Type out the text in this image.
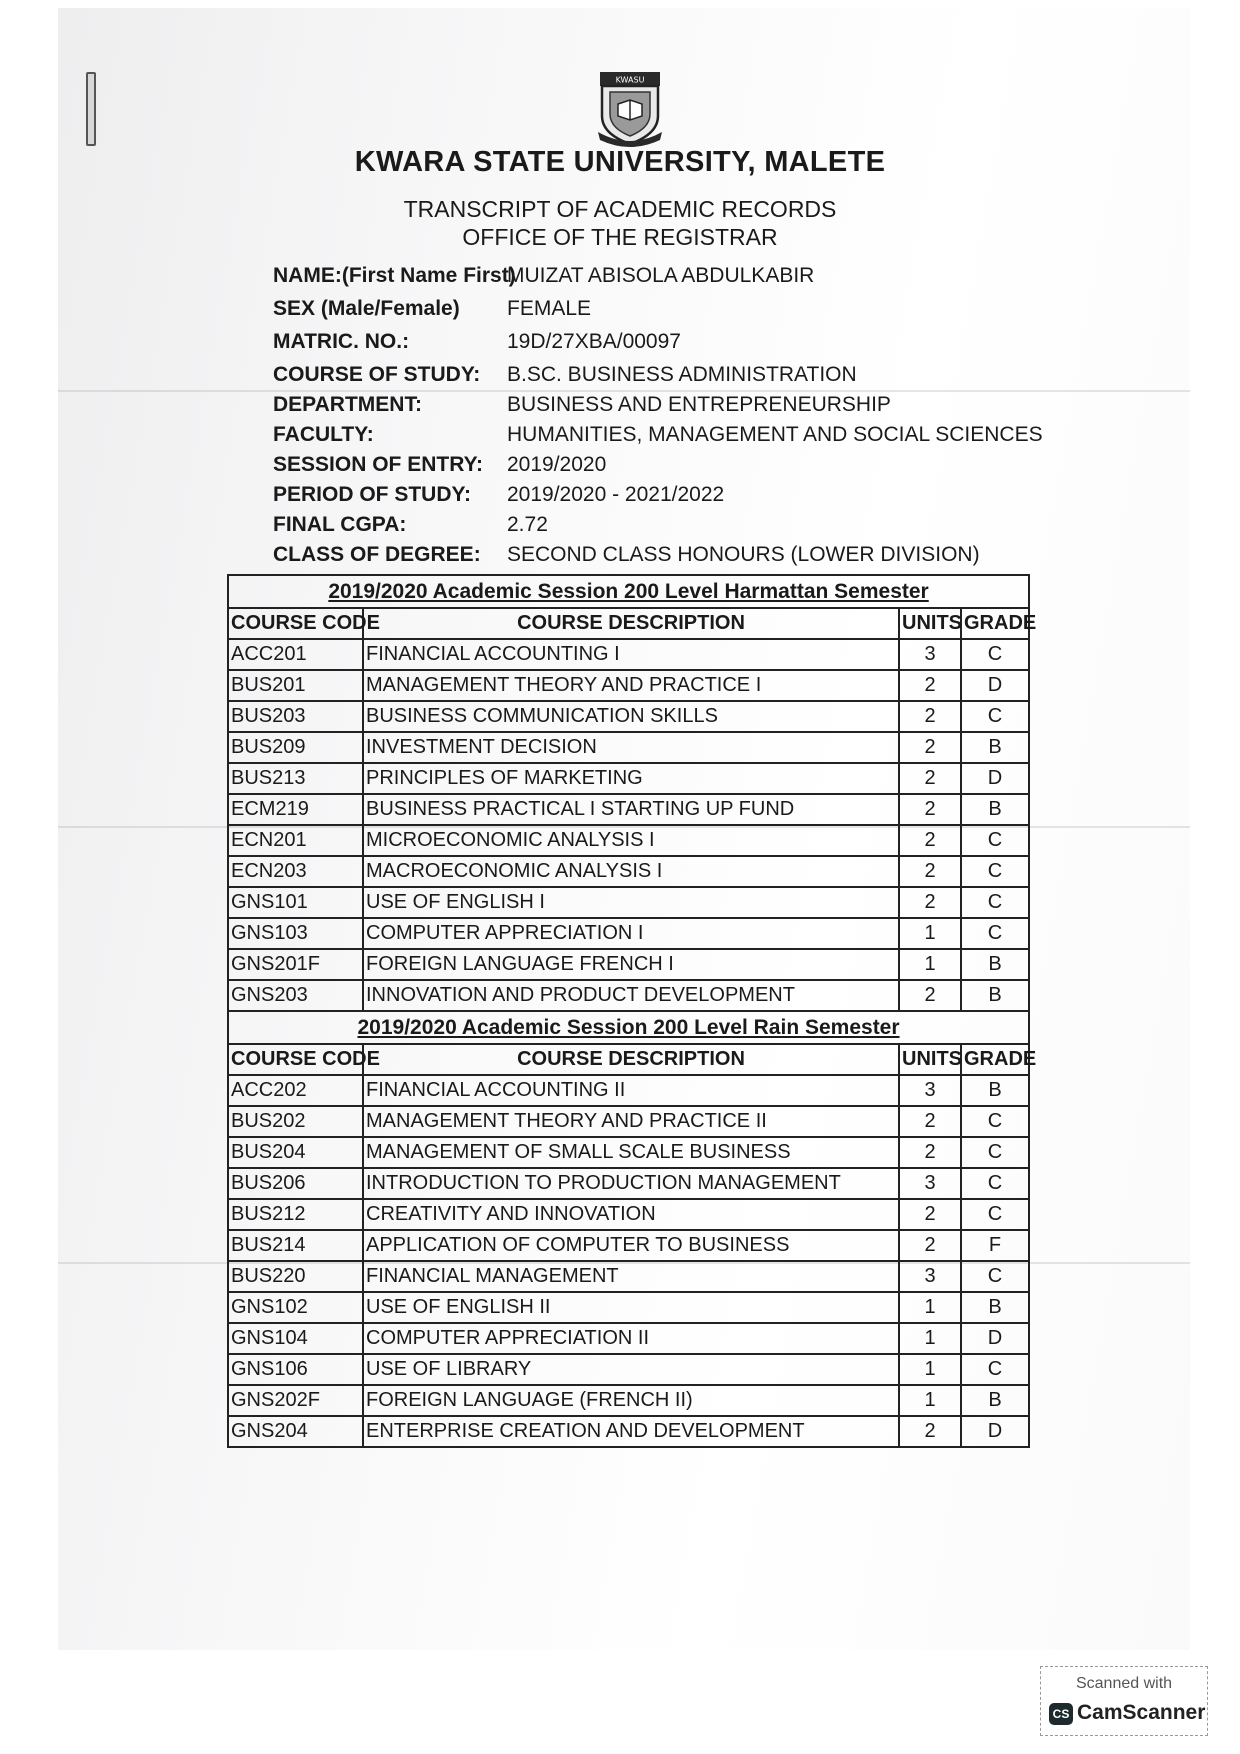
KWASU
KWARA STATE UNIVERSITY, MALETE
TRANSCRIPT OF ACADEMIC RECORDS
OFFICE OF THE REGISTRAR
NAME:(First Name First)
MUIZAT ABISOLA ABDULKABIR
SEX (Male/Female) FEMALE
MATRIC. NO.:	19D/27XBA/00097
COURSE OF STUDY: B.SC. BUSINESS ADMINISTRATION
DEPARTMENT:	BUSINESS AND ENTREPRENEURSHIP
FACULTY:	HUMANITIES, MANAGEMENT AND SOCIAL SCIENCES
SESSION OF ENTRY: 2019/2020
PERIOD OF STUDY: 2019/2020 - 2021/2022
FINAL CGPA:	2.72
CLASS OF DEGREE: SECOND CLASS HONOURS (LOWER DIVISION)
2019/2020 Academic Session 200 Level Harmattan Semester			
COURSE CODE	COURSE DESCRIPTION	UNITS	GRADE
ACC201	FINANCIAL ACCOUNTING I	3	C
BUS201	MANAGEMENT THEORY AND PRACTICE I	2	D
BUS203	BUSINESS COMMUNICATION SKILLS	2	C
BUS209	INVESTMENT DECISION	2	B
BUS213	PRINCIPLES OF MARKETING	2	D
ECM219	BUSINESS PRACTICAL I STARTING UP FUND	2	B
ECN201	MICROECONOMIC ANALYSIS I	2	C
ECN203	MACROECONOMIC ANALYSIS I	2	C
GNS101	USE OF ENGLISH I	2	C
GNS103	COMPUTER APPRECIATION I	1	C
GNS201F	FOREIGN LANGUAGE FRENCH I	1	B
GNS203	INNOVATION AND PRODUCT DEVELOPMENT	2	B
2019/2020 Academic Session 200 Level Rain Semester			
COURSE CODE	COURSE DESCRIPTION	UNITS	GRADE
ACC202	FINANCIAL ACCOUNTING II	3	B
BUS202	MANAGEMENT THEORY AND PRACTICE II	2	C
BUS204	MANAGEMENT OF SMALL SCALE BUSINESS	2	C
BUS206	INTRODUCTION TO PRODUCTION MANAGEMENT	3	C
BUS212	CREATIVITY AND INNOVATION	2	C
BUS214	APPLICATION OF COMPUTER TO BUSINESS	2	F
BUS220	FINANCIAL MANAGEMENT	3	C
GNS102	USE OF ENGLISH II	1	B
GNS104	COMPUTER APPRECIATION II	1	D
GNS106	USE OF LIBRARY	1	C
GNS202F	FOREIGN LANGUAGE (FRENCH II)	1	B
GNS204	ENTERPRISE CREATION AND DEVELOPMENT	2	D
Scanned with
CS CamScanner
